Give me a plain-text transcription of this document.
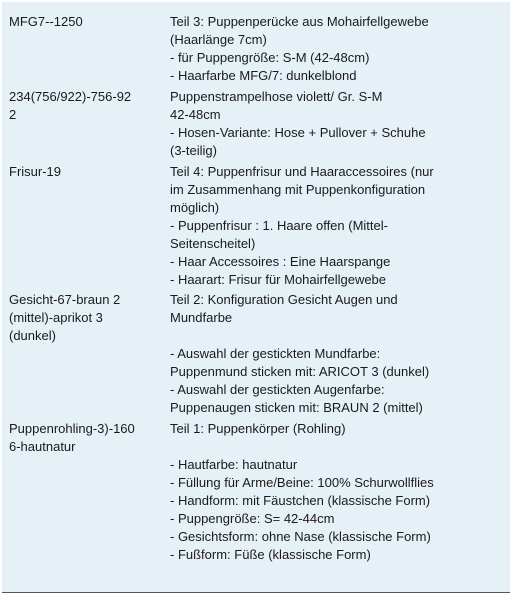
MFG7--1250	Teil 3: Puppenperücke aus Mohairfellgewebe
(Haarlänge 7cm)
- für Puppengröße: S-M (42-48cm)
- Haarfarbe MFG/7: dunkelblond
234(756/922)-756-92
2
Puppenstrampelhose violett/ Gr. S-M
42-48cm
- Hosen-Variante: Hose + Pullover + Schuhe
(3-teilig)
Frisur-19	Teil 4: Puppenfrisur und Haaraccessoires (nur
im Zusammenhang mit Puppenkonfiguration
möglich)
- Puppenfrisur : 1. Haare offen (Mittel-
Seitenscheitel)
- Haar Accessoires : Eine Haarspange
- Haarart: Frisur für Mohairfellgewebe
Gesicht-67-braun 2
(mittel)-aprikot 3
(dunkel)
Teil 2: Konfiguration Gesicht Augen und
Mundfarbe
- Auswahl der gestickten Mundfarbe:
Puppenmund sticken mit: ARICOT 3 (dunkel)
- Auswahl der gestickten Augenfarbe:
Puppenaugen sticken mit: BRAUN 2 (mittel)
Puppenrohling-3)-160
6-hautnatur
Teil 1: Puppenkörper (Rohling)
- Hautfarbe: hautnatur
- Füllung für Arme/Beine: 100% Schurwollflies
- Handform: mit Fäustchen (klassische Form)
- Puppengröße: S= 42-44cm
- Gesichtsform: ohne Nase (klassische Form)
- Fußform: Füße (klassische Form)
